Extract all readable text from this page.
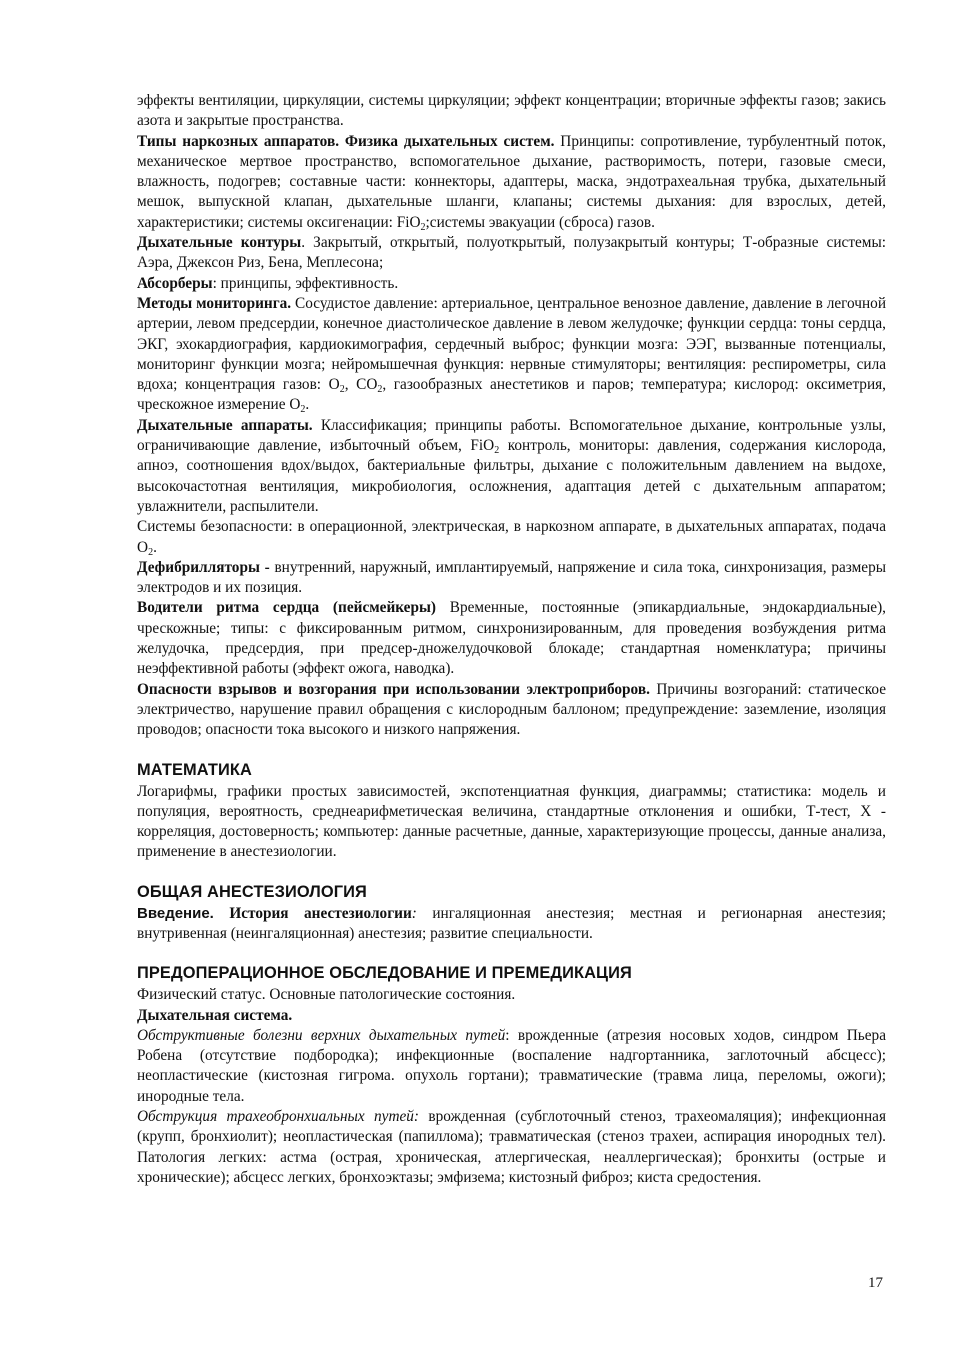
эффекты вентиляции, циркуляции, системы циркуляции; эффект концентрации; вторичные эффекты газов; закись азота и закрытые пространства.

Типы наркозных аппаратов. Физика дыхательных систем. Принципы: сопротивление, турбулентный поток, механическое мертвое пространство, вспомогательное дыхание, растворимость, потери, газовые смеси, влажность, подогрев; составные части: коннекторы, адаптеры, маска, эндотрахеальная трубка, дыхательный мешок, выпускной клапан, дыхательные шланги, клапаны; системы дыхания: для взрослых, детей, характеристики; системы оксигенации: FiO$_2$;системы эвакуации (сброса) газов.

Дыхательные контуры. Закрытый, открытый, полуоткрытый, полузакрытый контуры; Т-образные системы: Аэра, Джексон Риз, Бена, Меплесона;

Абсорберы: принципы, эффективность.

Методы мониторинга. Сосудистое давление: артериальное, центральное венозное давление, давление в легочной артерии, левом предсердии, конечное диастолическое давление в левом желудочке; функции сердца: тоны сердца, ЭКГ, эхокардиография, кардиокимография, сердечный выброс; функции мозга: ЭЭГ, вызванные потенциалы, мониторинг функции мозга; нейромышечная функция: нервные стимуляторы; вентиляция: респирометры, сила вдоха; концентрация газов: $O_2$, $CO_2$, газообразных анестетиков и паров; температура; кислород: оксиметрия, чрескожное измерение $O_2$.

Дыхательные аппараты. Классификация; принципы работы. Вспомогательное дыхание, контрольные узлы, ограничивающие давление, избыточный объем, FiO$_2$ контроль, мониторы: давления, содержания кислорода, апноэ, соотношения вдох/выдох, бактериальные фильтры, дыхание с положительным давлением на выдохе, высокочастотная вентиляция, микробиология, осложнения, адаптация детей с дыхательным аппаратом; увлажнители, распылители.

Системы безопасности: в операционной, электрическая, в наркозном аппарате, в дыхательных аппаратах, подача $O_2$.

Дефибрилляторы - внутренний, наружный, имплантируемый, напряжение и сила тока, синхронизация, размеры электродов и их позиция.

Водители ритма сердца (пейсмейкеры) Временные, постоянные (эпикардиальные, эндокардиальные), чрескожные; типы: с фиксированным ритмом, синхронизированным, для проведения возбуждения ритма желудочка, предсердия, при предсер-дножелудочковой блокаде; стандартная номенклатура; причины неэффективной работы (эффект ожога, наводка).

Опасности взрывов и возгорания при использовании электроприборов. Причины возгораний: статическое электричество, нарушение правил обращения с кислородным баллоном; предупреждение: заземление, изоляция проводов; опасности тока высокого и низкого напряжения.

МАТЕМАТИКА

Логарифмы, графики простых зависимостей, экспотенциатная функция, диаграммы; статистика: модель и популяция, вероятность, среднеарифметическая величина, стандартные отклонения и ошибки, Т-тест, Х - корреляция, достоверность; компьютер: данные расчетные, данные, характеризующие процессы, данные анализа, применение в анестезиологии.

ОБЩАЯ АНЕСТЕЗИОЛОГИЯ

Введение. История анестезиологии: ингаляционная анестезия; местная и регионарная анестезия; внутривенная (неингаляционная) анестезия; развитие специальности.

ПРЕДОПЕРАЦИОННОЕ ОБСЛЕДОВАНИЕ И ПРЕМЕДИКАЦИЯ

Физический статус. Основные патологические состояния.

Дыхательная система.

Обструктивные болезни верхних дыхательных путей: врожденные (атрезия носовых ходов, синдром Пьера Робена (отсутствие подбородка); инфекционные (воспаление надгортанника, заглоточный абсцесс); неопластические (кистозная гигрома. опухоль гортани); травматические (травма лица, переломы, ожоги); инородные тела.

Обструкция трахеобронхиальных путей: врожденная (субглоточный стеноз, трахеомаляция); инфекционная (крупп, бронхиолит); неопластическая (папиллома); травматическая (стеноз трахеи, аспирация инородных тел). Патология легких: астма (острая, хроническая, атлергическая, неаллергическая); бронхиты (острые и хронические); абсцесс легких, бронхоэктазы; эмфизема; кистозный фиброз; киста средостения.

17
